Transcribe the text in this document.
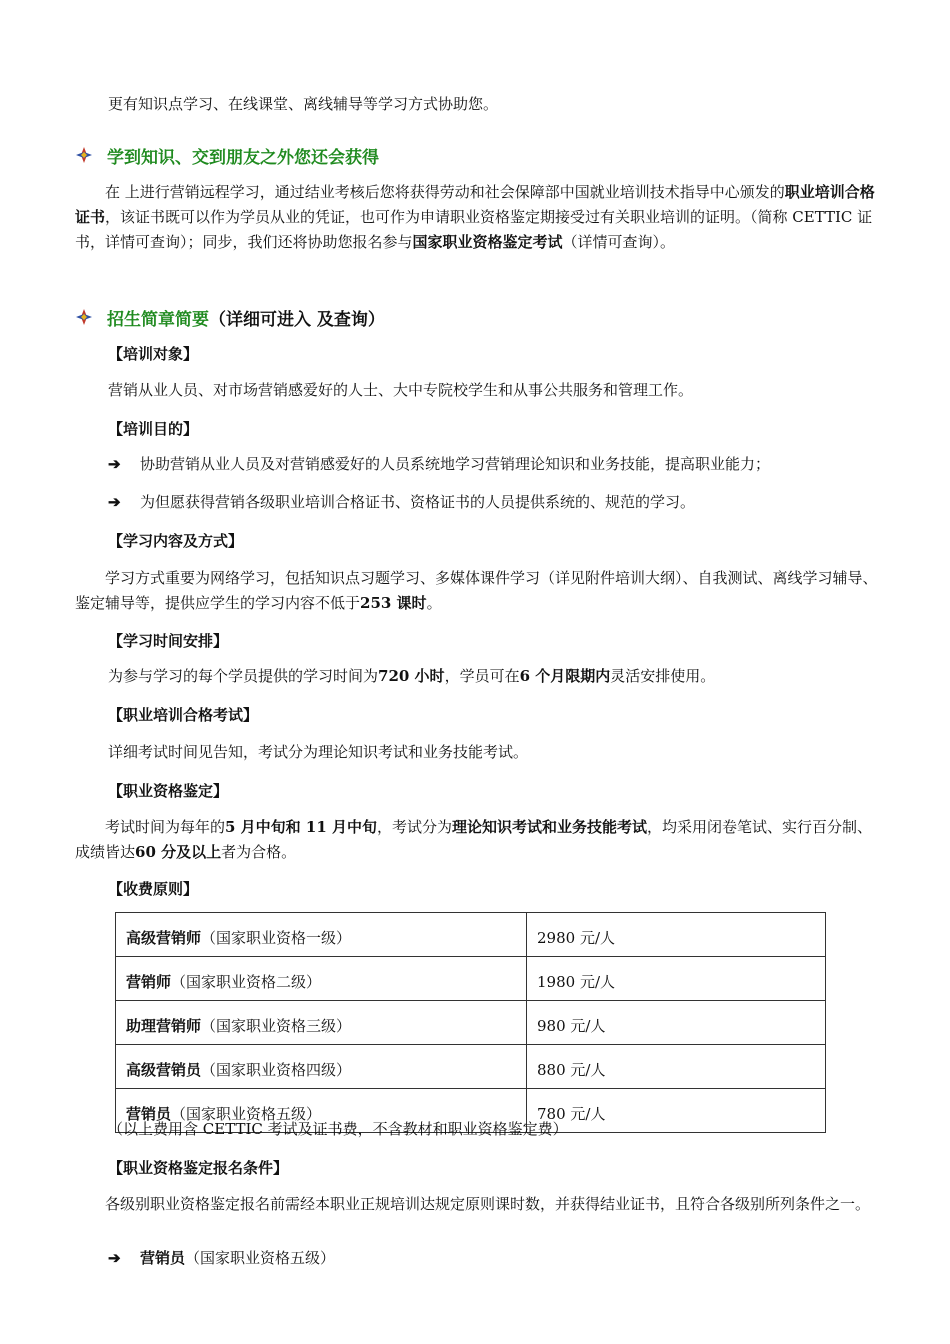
更有知识点学习、在线课堂、离线辅导等学习方式协助您。
学到知识、交到朋友之外您还会获得
在 上进行营销远程学习，通过结业考核后您将获得劳动和社会保障部中国就业培训技术指导中心颁发的职业培训合格证书，该证书既可以作为学员从业的凭证，也可作为申请职业资格鉴定期接受过有关职业培训的证明。（简称 CETTIC 证书，详情可查询）；同步，我们还将协助您报名参与国家职业资格鉴定考试（详情可查询）。
招生简章简要 （详细可进入 及查询）
【培训对象】
营销从业人员、对市场营销感爱好的人士、大中专院校学生和从事公共服务和管理工作。
【培训目的】
➔ 协助营销从业人员及对营销感爱好的人员系统地学习营销理论知识和业务技能，提高职业能力；
➔ 为但愿获得营销各级职业培训合格证书、资格证书的人员提供系统的、规范的学习。
【学习内容及方式】
学习方式重要为网络学习，包括知识点习题学习、多媒体课件学习（详见附件培训大纲）、自我测试、离线学习辅导、鉴定辅导等，提供应学生的学习内容不低于253 课时。
【学习时间安排】
为参与学习的每个学员提供的学习时间为720 小时，学员可在6 个月限期内灵活安排使用。
【职业培训合格考试】
详细考试时间见告知，考试分为理论知识考试和业务技能考试。
【职业资格鉴定】
考试时间为每年的5 月中旬和 11 月中旬，考试分为理论知识考试和业务技能考试，均采用闭卷笔试、实行百分制、成绩皆达60 分及以上者为合格。
【收费原则】
高级营销师（国家职业资格一级）	2980 元/人
营销师（国家职业资格二级）	1980 元/人
助理营销师（国家职业资格三级）	980 元/人
高级营销员（国家职业资格四级）	880 元/人
营销员（国家职业资格五级）	780 元/人
（以上费用含 CETTIC 考试及证书费，不含教材和职业资格鉴定费）
【职业资格鉴定报名条件】
各级别职业资格鉴定报名前需经本职业正规培训达规定原则课时数，并获得结业证书，且符合各级别所列条件之一。
➔ 营销员 （国家职业资格五级）
